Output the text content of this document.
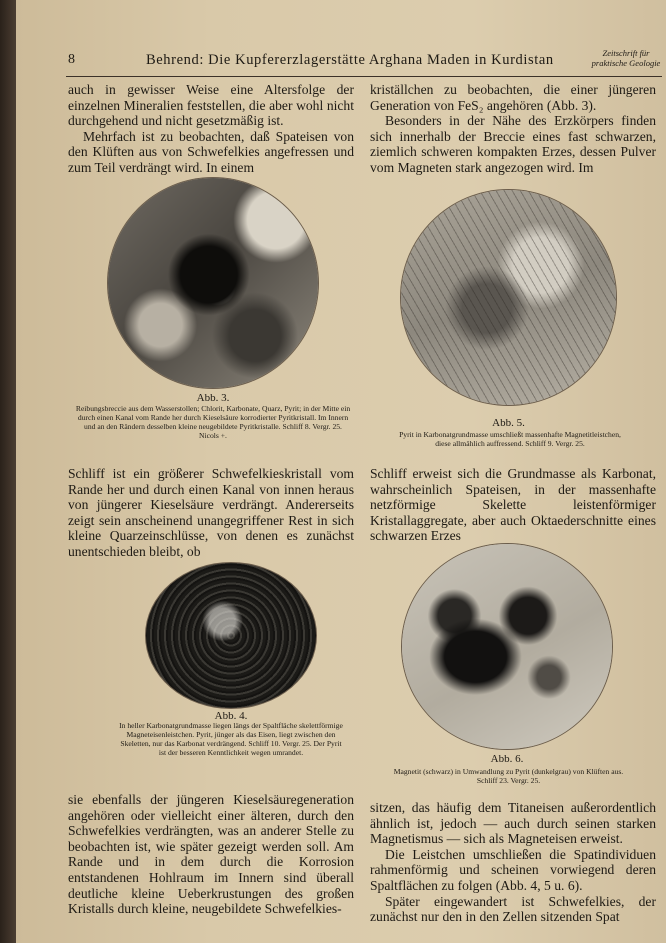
8	Behrend: Die Kupfererzlagerstätte Arghana Maden in Kurdistan	Zeitschrift für
praktische Geologie

auch in gewisser Weise eine Altersfolge der einzelnen Mineralien feststellen, die aber wohl nicht durchgehend und nicht gesetzmäßig ist.

Mehrfach ist zu beobachten, daß Spateisen von den Klüften aus von Schwefelkies angefressen und zum Teil verdrängt wird. In einem

kriställchen zu beobachten, die einer jüngeren Generation von FeS₂ angehören (Abb. 3).

Besonders in der Nähe des Erzkörpers finden sich innerhalb der Breccie eines fast schwarzen, ziemlich schweren kompakten Erzes, dessen Pulver vom Magneten stark angezogen wird. Im

Abb. 3.
Reibungsbreccie aus dem Wasserstollen; Chlorit, Karbonate, Quarz, Pyrit; in der Mitte ein durch einen Kanal vom Rande her durch Kieselsäure korrodierter Pyritkristall. Im Innern und an den Rändern desselben kleine neugebildete Pyritkristalle. Schliff 8. Vergr. 25. Nicols +.
Abb. 5.
Pyrit in Karbonatgrundmasse umschließt massenhafte Magnetitleistchen, diese allmählich auffressend. Schliff 9. Vergr. 25.

Schliff ist ein größerer Schwefelkieskristall vom Rande her und durch einen Kanal von innen heraus von jüngerer Kieselsäure verdrängt. Andererseits zeigt sein anscheinend unangegriffener Rest in sich kleine Quarzeinschlüsse, von denen es zunächst unentschieden bleibt, ob

Schliff erweist sich die Grundmasse als Karbonat, wahrscheinlich Spateisen, in der massenhafte netzförmige Skelette leistenförmiger Kristallaggregate, aber auch Oktaederschnitte eines schwarzen Erzes

Abb. 4.
In heller Karbonatgrundmasse liegen längs der Spaltfläche skelettförmige Magneteisenleistchen. Pyrit, jünger als das Eisen, liegt zwischen den Skeletten, nur das Karbonat verdrängend. Schliff 10. Vergr. 25. Der Pyrit ist der besseren Kenntlichkeit wegen umrandet.
Abb. 6.
Magnetit (schwarz) in Umwandlung zu Pyrit (dunkelgrau) von Klüften aus. Schliff 23. Vergr. 25.

sie ebenfalls der jüngeren Kieselsäuregeneration angehören oder vielleicht einer älteren, durch den Schwefelkies verdrängten, was an anderer Stelle zu beobachten ist, wie später gezeigt werden soll. Am Rande und in dem durch die Korrosion entstandenen Hohlraum im Innern sind überall deutliche kleine Ueberkrustungen des großen Kristalls durch kleine, neugebildete Schwefelkies-

sitzen, das häufig dem Titaneisen außerordentlich ähnlich ist, jedoch — auch durch seinen starken Magnetismus — sich als Magneteisen erweist.

Die Leistchen umschließen die Spatindividuen rahmenförmig und scheinen vorwiegend deren Spaltflächen zu folgen (Abb. 4, 5 u. 6).

Später eingewandert ist Schwefelkies, der zunächst nur den in den Zellen sitzenden Spat
